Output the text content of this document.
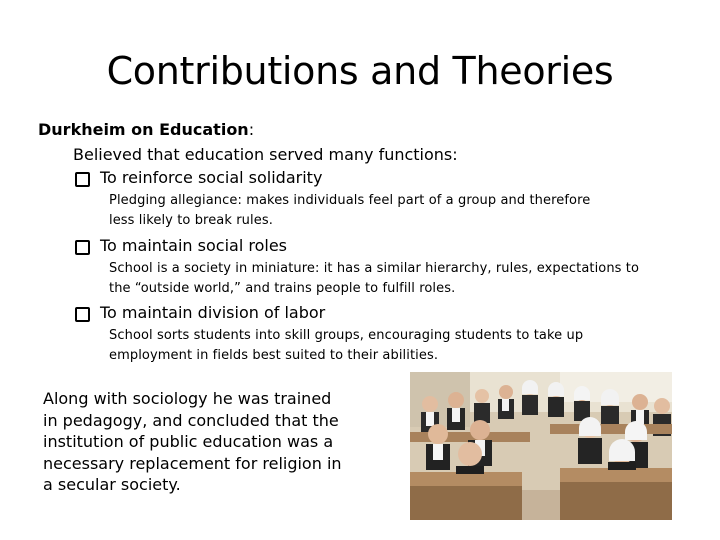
Contributions and Theories
Durkheim on Education:
Believed that education served many functions:
To reinforce social solidarity
Pledging allegiance: makes individuals feel part of a group and therefore
less likely to break rules.
To maintain social roles
School is a society in miniature: it has a similar hierarchy, rules, expectations to
the “outside world,” and trains people to fulfill roles.
To maintain division of labor
School sorts students into skill groups, encouraging students to take up
employment in fields best suited to their abilities.
Along with sociology he was trained
in pedagogy, and concluded that the
institution of public education was a
necessary replacement for religion in
a secular society.
